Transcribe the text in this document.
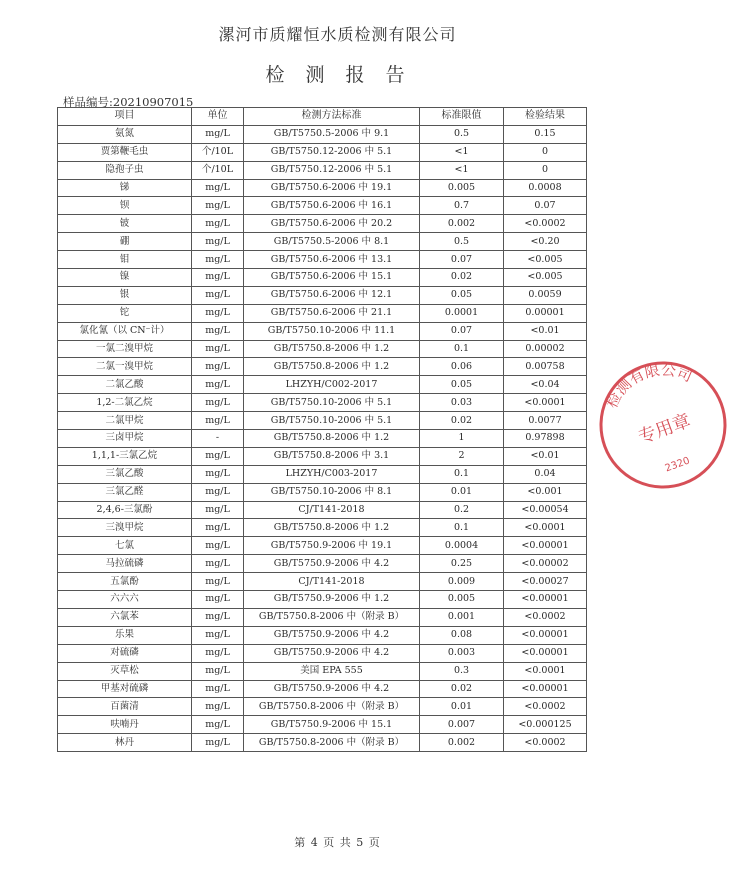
漯河市质耀恒水质检测有限公司
检测报告
样品编号:20210907015
项目	单位	检测方法标准	标准限值	检验结果
氨氮	mg/L	GB/T5750.5-2006 中 9.1	0.5	0.15
贾第鞭毛虫	个/10L	GB/T5750.12-2006 中 5.1	<1	0
隐孢子虫	个/10L	GB/T5750.12-2006 中 5.1	<1	0
锑	mg/L	GB/T5750.6-2006 中 19.1	0.005	0.0008
钡	mg/L	GB/T5750.6-2006 中 16.1	0.7	0.07
铍	mg/L	GB/T5750.6-2006 中 20.2	0.002	<0.0002
硼	mg/L	GB/T5750.5-2006 中 8.1	0.5	<0.20
钼	mg/L	GB/T5750.6-2006 中 13.1	0.07	<0.005
镍	mg/L	GB/T5750.6-2006 中 15.1	0.02	<0.005
银	mg/L	GB/T5750.6-2006 中 12.1	0.05	0.0059
铊	mg/L	GB/T5750.6-2006 中 21.1	0.0001	0.00001
氯化氰（以 CN⁻计）	mg/L	GB/T5750.10-2006 中 11.1	0.07	<0.01
一氯二溴甲烷	mg/L	GB/T5750.8-2006 中 1.2	0.1	0.00002
二氯一溴甲烷	mg/L	GB/T5750.8-2006 中 1.2	0.06	0.00758
二氯乙酸	mg/L	LHZYH/C002-2017	0.05	<0.04
1,2-二氯乙烷	mg/L	GB/T5750.10-2006 中 5.1	0.03	<0.0001
二氯甲烷	mg/L	GB/T5750.10-2006 中 5.1	0.02	0.0077
三卤甲烷	-	GB/T5750.8-2006 中 1.2	1	0.97898
1,1,1-三氯乙烷	mg/L	GB/T5750.8-2006 中 3.1	2	<0.01
三氯乙酸	mg/L	LHZYH/C003-2017	0.1	0.04
三氯乙醛	mg/L	GB/T5750.10-2006 中 8.1	0.01	<0.001
2,4,6-三氯酚	mg/L	CJ/T141-2018	0.2	<0.00054
三溴甲烷	mg/L	GB/T5750.8-2006 中 1.2	0.1	<0.0001
七氯	mg/L	GB/T5750.9-2006 中 19.1	0.0004	<0.00001
马拉硫磷	mg/L	GB/T5750.9-2006 中 4.2	0.25	<0.00002
五氯酚	mg/L	CJ/T141-2018	0.009	<0.00027
六六六	mg/L	GB/T5750.9-2006 中 1.2	0.005	<0.00001
六氯苯	mg/L	GB/T5750.8-2006 中（附录 B）	0.001	<0.0002
乐果	mg/L	GB/T5750.9-2006 中 4.2	0.08	<0.00001
对硫磷	mg/L	GB/T5750.9-2006 中 4.2	0.003	<0.00001
灭草松	mg/L	美国 EPA 555	0.3	<0.0001
甲基对硫磷	mg/L	GB/T5750.9-2006 中 4.2	0.02	<0.00001
百菌清	mg/L	GB/T5750.8-2006 中（附录 B）	0.01	<0.0002
呋喃丹	mg/L	GB/T5750.9-2006 中 15.1	0.007	<0.000125
林丹	mg/L	GB/T5750.8-2006 中（附录 B）	0.002	<0.0002
检测有限公司
专用章
2320
第 4 页 共 5 页
